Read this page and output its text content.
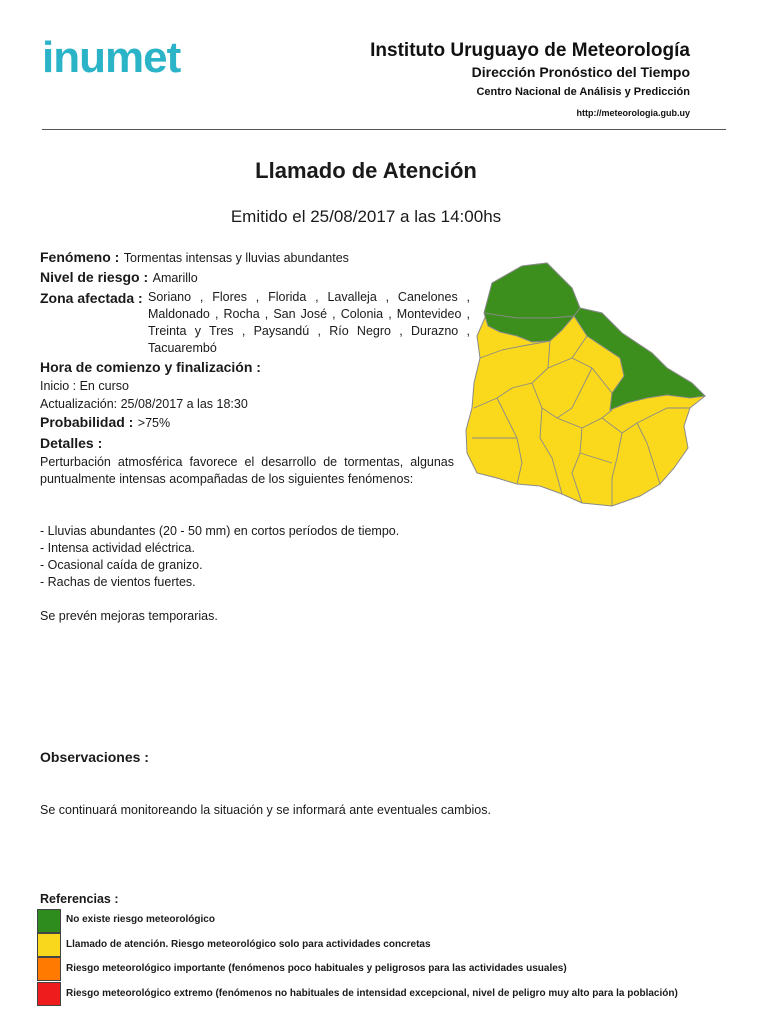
inumet	Instituto Uruguayo de Meteorología
Dirección Pronóstico del Tiempo
Centro Nacional de Análisis y Predicción
http://meteorologia.gub.uy
Llamado de Atención
Emitido el 25/08/2017 a las 14:00hs
Fenómeno : Tormentas intensas y lluvias abundantes
Nivel de riesgo : Amarillo
Zona afectada : Soriano , Flores , Florida , Lavalleja , Canelones , Maldonado , Rocha , San José , Colonia , Montevideo , Treinta y Tres , Paysandú , Río Negro , Durazno , Tacuarembó
Hora de comienzo y finalización :
Inicio : En curso
Actualización: 25/08/2017 a las 18:30
Probabilidad : >75%
Detalles :
Perturbación atmosférica favorece el desarrollo de tormentas, algunas puntualmente intensas acompañadas de los siguientes fenómenos:
- Lluvias abundantes (20 - 50 mm) en cortos períodos de tiempo.
- Intensa actividad eléctrica.
- Ocasional caída de granizo.
- Rachas de vientos fuertes.
Se prevén mejoras temporarias.
Observaciones :
Se continuará monitoreando la situación y se informará ante eventuales cambios.
Referencias :
No existe riesgo meteorológico
Llamado de atención. Riesgo meteorológico solo para actividades concretas
Riesgo meteorológico importante (fenómenos poco habituales y peligrosos para las actividades usuales)
Riesgo meteorológico extremo (fenómenos no habituales de intensidad excepcional, nivel de peligro muy alto para la población)
